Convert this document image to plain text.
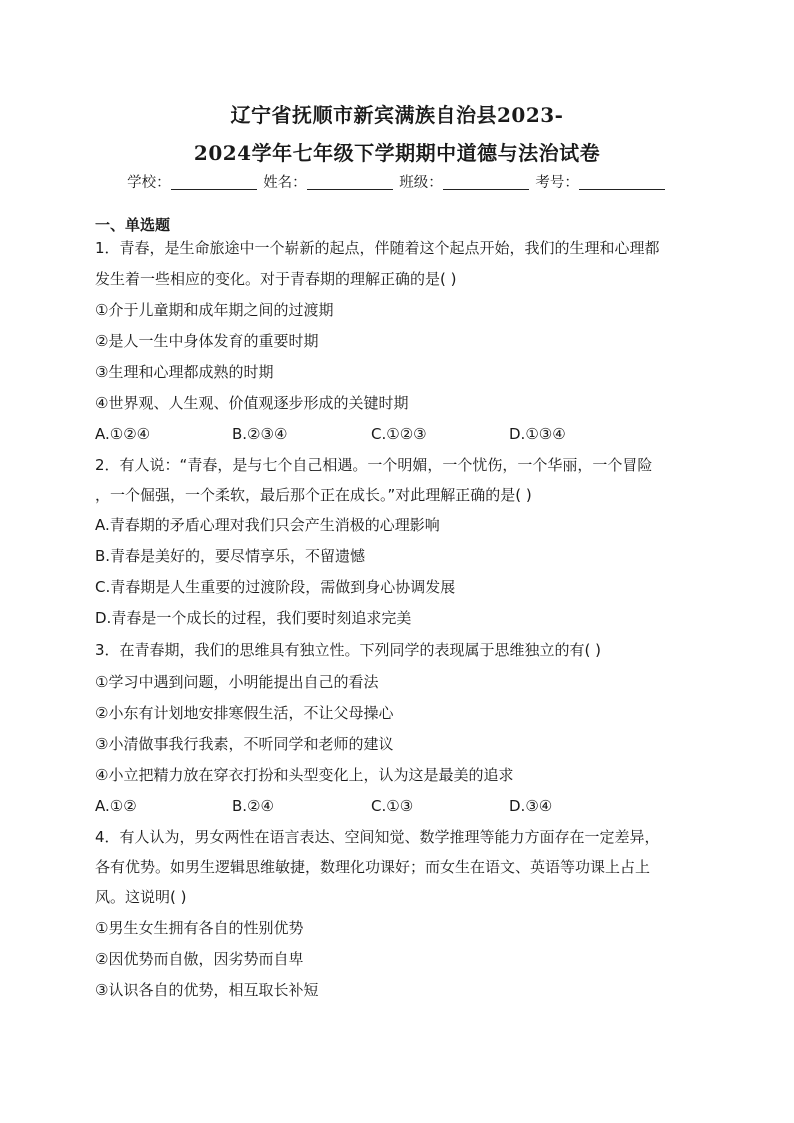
辽宁省抚顺市新宾满族自治县2023-
2024学年七年级下学期期中道德与法治试卷
学校：	姓名：	班级：	考号：
一、单选题
1．青春，是生命旅途中一个崭新的起点，伴随着这个起点开始，我们的生理和心理都
发生着一些相应的变化。对于青春期的理解正确的是( )
①介于儿童期和成年期之间的过渡期
②是人一生中身体发育的重要时期
③生理和心理都成熟的时期
④世界观、人生观、价值观逐步形成的关键时期
A.①②④	B.②③④	C.①②③	D.①③④
2．有人说：“青春，是与七个自己相遇。一个明媚，一个忧伤，一个华丽，一个冒险
，一个倔强，一个柔软，最后那个正在成长。”对此理解正确的是( )
A.青春期的矛盾心理对我们只会产生消极的心理影响
B.青春是美好的，要尽情享乐，不留遗憾
C.青春期是人生重要的过渡阶段，需做到身心协调发展
D.青春是一个成长的过程，我们要时刻追求完美
3．在青春期，我们的思维具有独立性。下列同学的表现属于思维独立的有( )
①学习中遇到问题，小明能提出自己的看法
②小东有计划地安排寒假生活，不让父母操心
③小清做事我行我素，不听同学和老师的建议
④小立把精力放在穿衣打扮和头型变化上，认为这是最美的追求
A.①②	B.②④	C.①③	D.③④
4．有人认为，男女两性在语言表达、空间知觉、数学推理等能力方面存在一定差异，
各有优势。如男生逻辑思维敏捷，数理化功课好；而女生在语文、英语等功课上占上
风。这说明( )
①男生女生拥有各自的性别优势
②因优势而自傲，因劣势而自卑
③认识各自的优势，相互取长补短
